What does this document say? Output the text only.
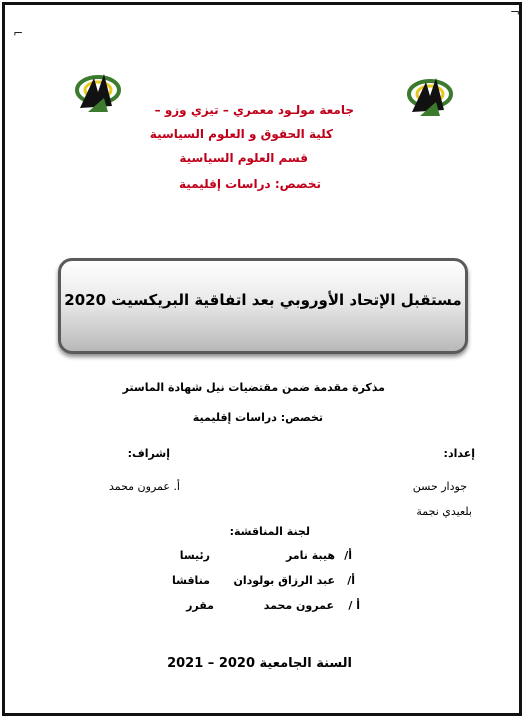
⌐
¬
جامعة مولـود معمري – تيزي وزو –
كلية الحقوق و العلوم السياسية
قسم العلوم السياسية
تخصص: دراسات إقليمية
مستقبل الإتحاد الأوروبي بعد اتفاقية البريكسيت 2020
مذكرة مقدمة ضمن مقتضيات نيل شهادة الماستر
تخصص: دراسات إقليمية
إعداد:
إشراف:
جودار حسن
بلعيدي نجمة
أ. عمرون محمد
لجنة المناقشة:
أ/
هيبة نامر
رئيسا
أ/
عبد الرزاق بولودان
مناقشا
أ /
عمرون محمد
مقرر
السنة الجامعية 2020 – 2021
